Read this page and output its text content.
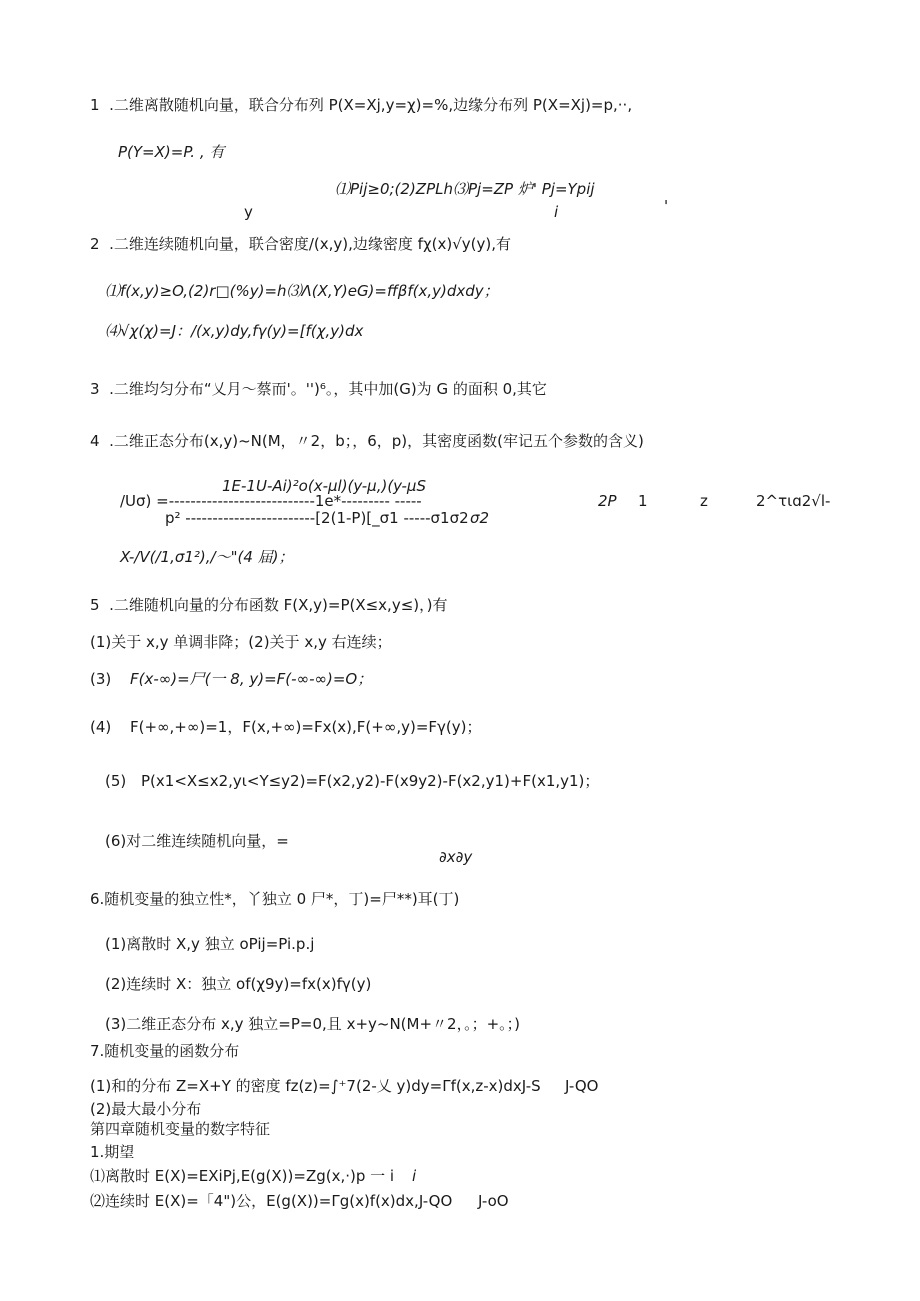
1  .二维离散随机向量，联合分布列 P(X=Xj,y=χ)=%,边缘分布列 P(X=Xj)=p,··,
P(Y=X)=P. , 有
⑴Pij≥0;(2)ZPLh⑶Pj=ZP 炉' Pj=Ypij
y	i	'
2  .二维连续随机向量，联合密度/(x,y),边缘密度 fχ(x)√y(y),有
⑴f(x,y)≥O,(2)r□(%y)=h⑶Λ(X,Y)eG)=ffβf(x,y)dxdy；
⑷√χ(χ)=J：/(x,y)dy,fγ(y)=[f(χ,y)dx
3  .二维均匀分布“乂月～蔡而'。'')⁶。，其中加(G)为 G 的面积 0,其它
4  .二维正态分布(x,y)~N(M，〃2，b；，6，p)，其密度函数(牢记五个参数的含义)
1E-1U-Ai)²o(x-μl)(y-μ,)(y-μS
/Uσ) =---------------------------1e*--------- -----	2P 1	z	2^τιɑ2√l-
p² ------------------------[2(1-P)[_σ1 -----σ1σ2 σ2
X-/V(∕1,σ1²),/～"(4 届)；
5  .二维随机向量的分布函数 F(X,y)=P(X≤x,y≤)，)有
(1)关于 x,y 单调非降；(2)关于 x,y 右连续；
(3) F(x-∞)=尸(一 8, y)=F(-∞-∞)=O；
(4) F(+∞,+∞)=1，F(x,+∞)=Fx(x),F(+∞,y)=Fγ(y)；
(5) P(x1<X≤x2,yι<Y≤y2)=F(x2,y2)-F(x9y2)-F(x2,y1)+F(x1,y1)；
(6)对二维连续随机向量，=
∂x∂y
6.随机变量的独立性*，丫独立 0 尸*，丁)=尸**)耳(丁)
(1)离散时 X,y 独立 oPij=Pi.p.j
(2)连续时 X：独立 of(χ9y)=fx(x)fγ(y)
(3)二维正态分布 x,y 独立=P=0,且 x+y~N(M+〃2，。；+。；)
7.随机变量的函数分布
(1)和的分布 Z=X+Y 的密度 fz(z)=∫⁺7(2-乂 y)dy=Γf(x,z-x)dxJ-S J-QO
(2)最大最小分布
第四章随机变量的数字特征
1.期望
⑴离散时 E(X)=EXiPj,E(g(X))=Zg(x,·)p 一 i i
⑵连续时 E(X)=「4")公，E(g(X))=Γg(x)f(x)dx,J-QO J-oO
